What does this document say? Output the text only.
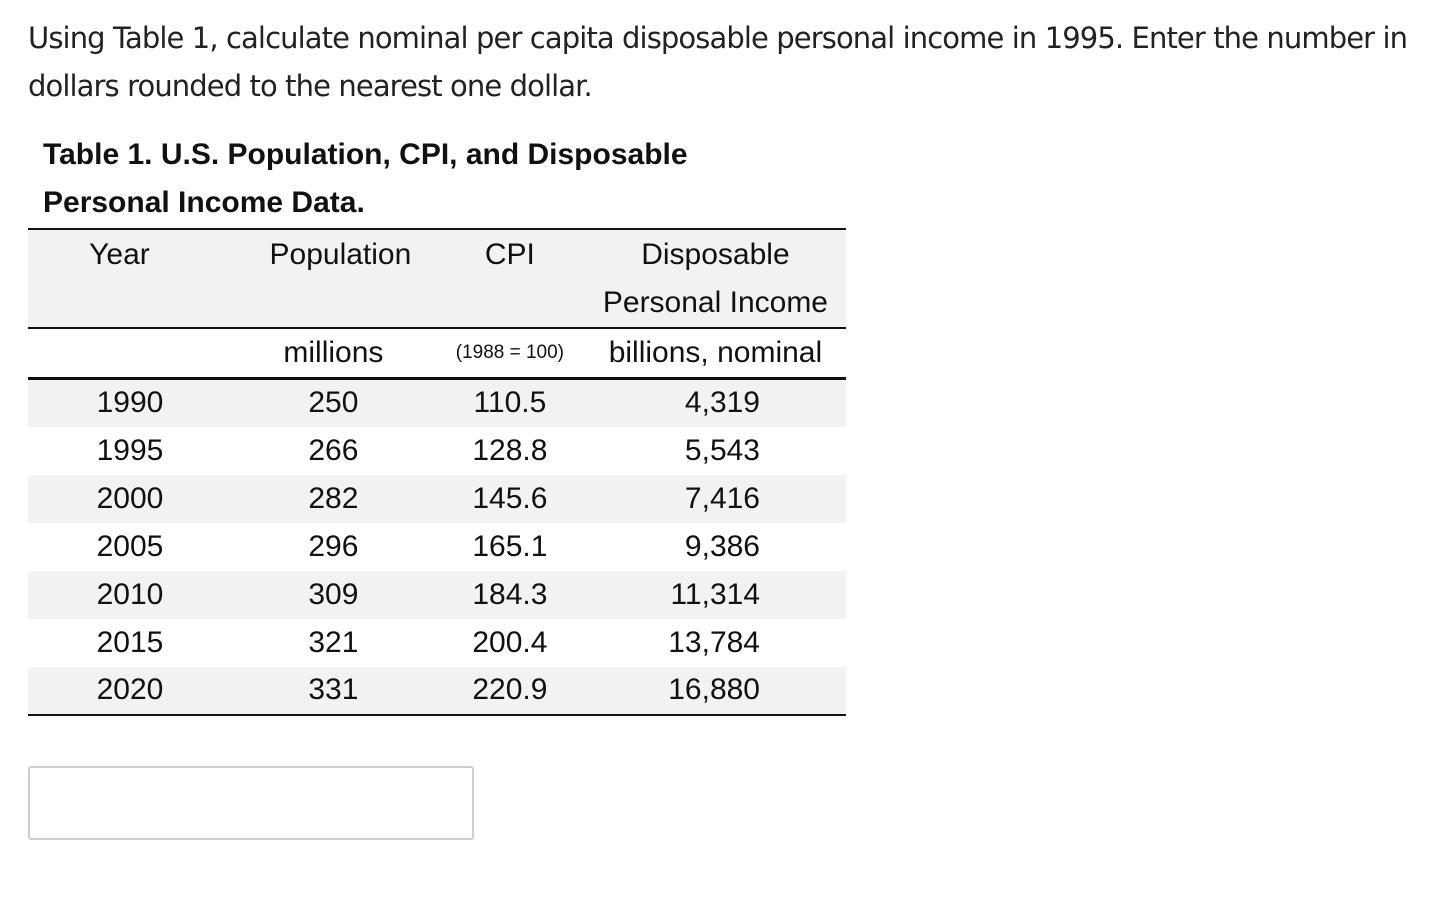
Using Table 1, calculate nominal per capita disposable personal income in 1995. Enter the number in dollars rounded to the nearest one dollar.

Table 1. U.S. Population, CPI, and Disposable Personal Income Data.
Year	Population	CPI	Disposable Personal Income
	millions	(1988 = 100)	billions, nominal
1990	250	110.5	4,319
1995	266	128.8	5,543
2000	282	145.6	7,416
2005	296	165.1	9,386
2010	309	184.3	11,314
2015	321	200.4	13,784
2020	331	220.9	16,880
